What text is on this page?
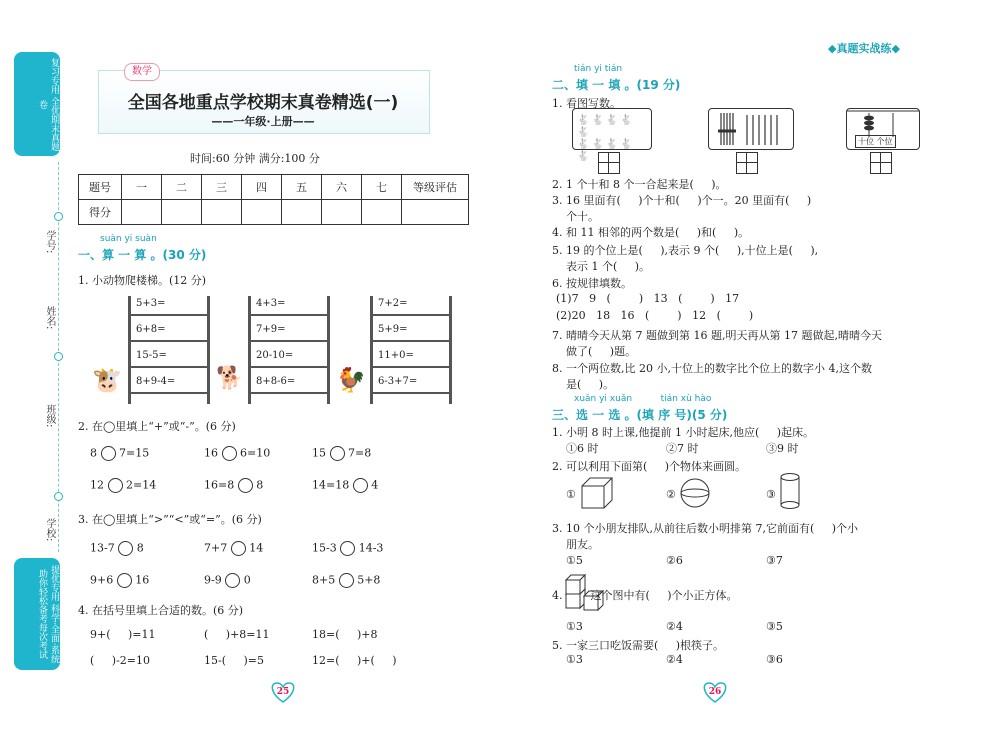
复习专用 全优期末真题卷
学号:
姓名:
班级:
学校:
提优专用 科学·全面·系统 助你轻松备考每次考试
数学
全国各地重点学校期末真卷精选(一)
——一年级·上册——
时间:60 分钟 满分:100 分
◆真题实战练◆
题号	一	二	三	四	五	六	七	等级评估
得分								
suàn yi suàn
一、算 一 算 。(30 分)
1. 小动物爬楼梯。(12 分)
5+3=
6+8=
15-5=
8+9-4=
🐮
4+3=
7+9=
20-10=
8+8-6=
🐕
7+2=
5+9=
11+0=
6-3+7=
🐓
2. 在◯里填上“+”或“-”。(6 分)
8 7=15	16 6=10	15 7=8
12 2=14	16=8 8	14=18 4
3. 在◯里填上“>”“<”或“=”。(6 分)
13-7 8	7+7 14	15-3 14-3
9+6 16	9-9 0	8+5 5+8
4. 在括号里填上合适的数。(6 分)
9+(     )=11	(     )+8=11	18=(     )+8
(     )-2=10	15-(     )=5	12=(     )+(     )
25
tián yi tián
二、填 一 填 。(19 分)
1. 看图写数。
🐇🐇🐇🐇🐇
🐇🐇🐇🐇🐇
十位 个位
2. 1 个十和 8 个一合起来是(     )。
3. 16 里面有(     )个十和(     )个一。20 里面有(     )
个十。
4. 和 11 相邻的两个数是(     )和(     )。
5. 19 的个位上是(     ),表示 9 个(     ),十位上是(     ),
表示 1 个(     )。
6. 按规律填数。
(1)7   9   (        )   13   (        )   17
(2)20   18   16   (        )   12   (        )
7. 晴晴今天从第 7 题做到第 16 题,明天再从第 17 题做起,晴晴今天
做了(     )题。
8. 一个两位数,比 20 小,十位上的数字比个位上的数字小 4,这个数
是(     )。
xuǎn yi xuǎn          tián xù hào
三、选 一 选 。(填 序 号)(5 分)
1. 小明 8 时上课,他提前 1 小时起床,他应(     )起床。
①6 时	②7 时	③9 时
2. 可以利用下面第(     )个物体来画圆。
①	②	③
3. 10 个小朋友排队,从前往后数小明排第 7,它前面有(     )个小
朋友。
①5	②6	③7
4.        这个图中有(     )个小正方体。
①3	②4	③5
5. 一家三口吃饭需要(     )根筷子。
①3	②4	③6
26
